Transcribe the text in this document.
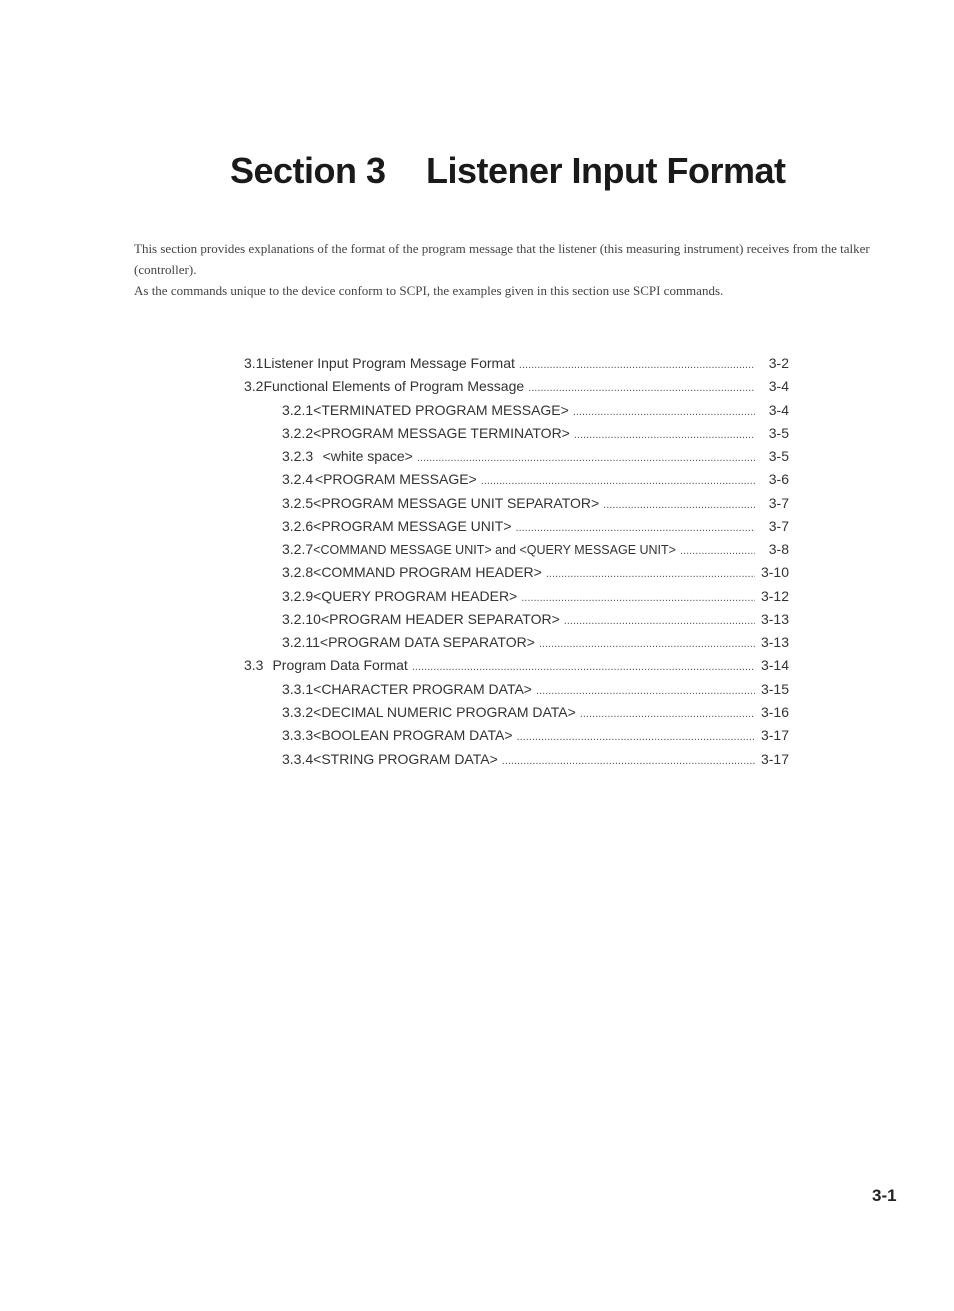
Section 3 Listener Input Format

This section provides explanations of the format of the program message that the listener (this measuring instrument) receives from the talker (controller).

As the commands unique to the device conform to SCPI, the examples given in this section use SCPI commands.

3.1 Listener Input Program Message Format .....	3-2
3.2 Functional Elements of Program Message .....	3-4
3.2.1 <TERMINATED PROGRAM MESSAGE> .....	3-4
3.2.2 <PROGRAM MESSAGE TERMINATOR> .....	3-5
3.2.3 <white space> .....	3-5
3.2.4 <PROGRAM MESSAGE> .....	3-6
3.2.5 <PROGRAM MESSAGE UNIT SEPARATOR> .....	3-7
3.2.6 <PROGRAM MESSAGE UNIT> .....	3-7
3.2.7 <COMMAND MESSAGE UNIT> and <QUERY MESSAGE UNIT> .....	3-8
3.2.8 <COMMAND PROGRAM HEADER> .....	3-10
3.2.9 <QUERY PROGRAM HEADER> .....	3-12
3.2.10 <PROGRAM HEADER SEPARATOR> .....	3-13
3.2.11 <PROGRAM DATA SEPARATOR> .....	3-13
3.3 Program Data Format .....	3-14
3.3.1 <CHARACTER PROGRAM DATA> .....	3-15
3.3.2 <DECIMAL NUMERIC PROGRAM DATA> .....	3-16
3.3.3 <BOOLEAN PROGRAM DATA> .....	3-17
3.3.4 <STRING PROGRAM DATA> .....	3-17
3-1
